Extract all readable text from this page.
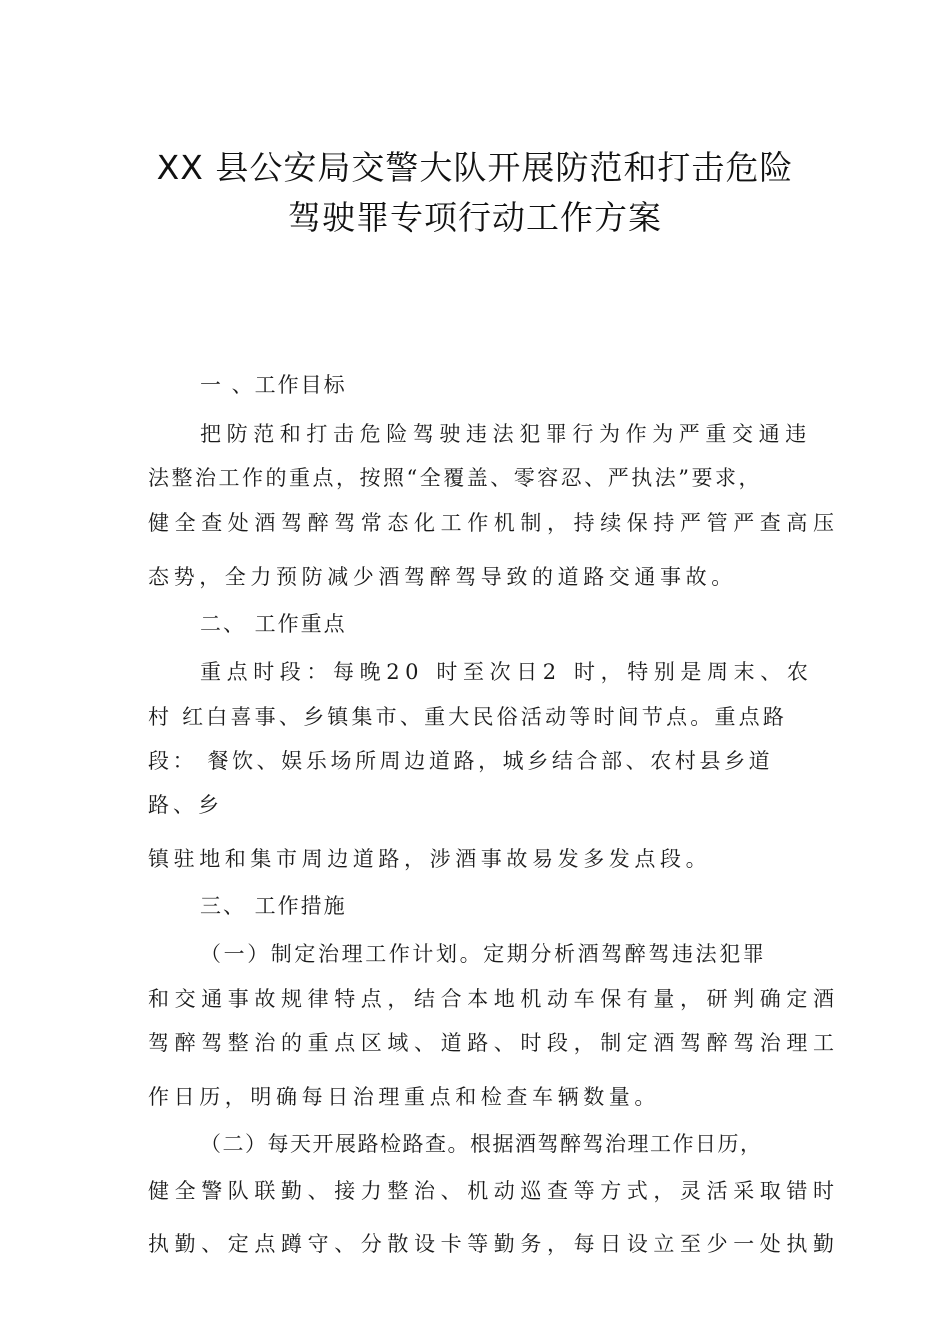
XX 县公安局交警大队开展防范和打击危险
驾驶罪专项行动工作方案
一 、工作目标
把防范和打击危险驾驶违法犯罪行为作为严重交通违
法整治工作的重点，按照“全覆盖、零容忍、严执法”要求，
健全查处酒驾醉驾常态化工作机制，持续保持严管严查高压
态势，全力预防减少酒驾醉驾导致的道路交通事故。
二、 工作重点
重点时段：每晚20 时至次日2 时，特别是周末、农
村 红白喜事、乡镇集市、重大民俗活动等时间节点。重点路
段： 餐饮、娱乐场所周边道路，城乡结合部、农村县乡道
路、乡
镇驻地和集市周边道路，涉酒事故易发多发点段。
三、 工作措施
（一）制定治理工作计划。定期分析酒驾醉驾违法犯罪
和交通事故规律特点，结合本地机动车保有量，研判确定酒
驾醉驾整治的重点区域、道路、时段，制定酒驾醉驾治理工
作日历，明确每日治理重点和检查车辆数量。
（二）每天开展路检路查。根据酒驾醉驾治理工作日历，
健全警队联勤、接力整治、机动巡查等方式，灵活采取错时
执勤、定点蹲守、分散设卡等勤务，每日设立至少一处执勤
